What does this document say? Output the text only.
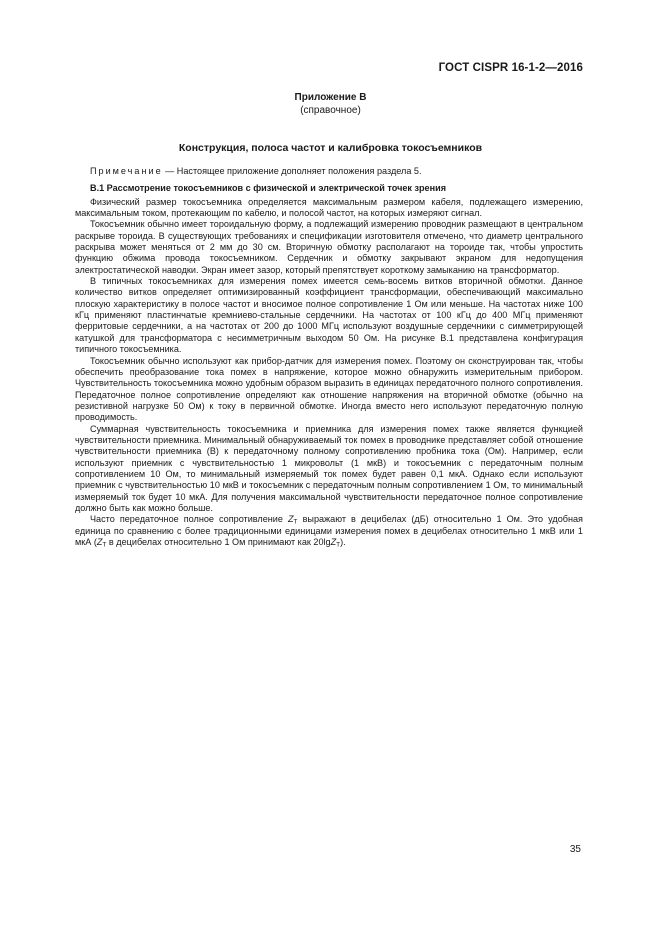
ГОСТ CISPR 16-1-2—2016
Приложение В
(справочное)
Конструкция, полоса частот и калибровка токосъемников

Примечание — Настоящее приложение дополняет положения раздела 5.

В.1 Рассмотрение токосъемников с физической и электрической точек зрения

Физический размер токосъемника определяется максимальным размером кабеля, подлежащего измерению, максимальным током, протекающим по кабелю, и полосой частот, на которых измеряют сигнал.

Токосъемник обычно имеет тороидальную форму, а подлежащий измерению проводник размещают в центральном раскрыве тороида. В существующих требованиях и спецификации изготовителя отмечено, что диаметр центрального раскрыва может меняться от 2 мм до 30 см. Вторичную обмотку располагают на тороиде так, чтобы упростить функцию обжима провода токосъемником. Сердечник и обмотку закрывают экраном для недопущения электростатической наводки. Экран имеет зазор, который препятствует короткому замыканию на трансформатор.

В типичных токосъемниках для измерения помех имеется семь-восемь витков вторичной обмотки. Данное количество витков определяет оптимизированный коэффициент трансформации, обеспечивающий максимально плоскую характеристику в полосе частот и вносимое полное сопротивление 1 Ом или меньше. На частотах ниже 100 кГц применяют пластинчатые кремниево-стальные сердечники. На частотах от 100 кГц до 400 МГц применяют ферритовые сердечники, а на частотах от 200 до 1000 МГц используют воздушные сердечники с симметрирующей катушкой для трансформатора с несимметричным выходом 50 Ом. На рисунке В.1 представлена конфигурация типичного токосъемника.

Токосъемник обычно используют как прибор-датчик для измерения помех. Поэтому он сконструирован так, чтобы обеспечить преобразование тока помех в напряжение, которое можно обнаружить измерительным прибором. Чувствительность токосъемника можно удобным образом выразить в единицах передаточного полного сопротивления. Передаточное полное сопротивление определяют как отношение напряжения на вторичной обмотке (обычно на резистивной нагрузке 50 Ом) к току в первичной обмотке. Иногда вместо него используют передаточную полную проводимость.

Суммарная чувствительность токосъемника и приемника для измерения помех также является функцией чувствительности приемника. Минимальный обнаруживаемый ток помех в проводнике представляет собой отношение чувствительности приемника (В) к передаточному полному сопротивлению пробника тока (Ом). Например, если используют приемник с чувствительностью 1 микровольт (1 мкВ) и токосъемник с передаточным полным сопротивлением 10 Ом, то минимальный измеряемый ток помех будет равен 0,1 мкА. Однако если используют приемник с чувствительностью 10 мкВ и токосъемник с передаточным полным сопротивлением 1 Ом, то минимальный измеряемый ток будет 10 мкА. Для получения максимальной чувствительности передаточное полное сопротивление должно быть как можно больше.

Часто передаточное полное сопротивление $Z_T$ выражают в децибелах (дБ) относительно 1 Ом. Это удобная единица по сравнению с более традиционными единицами измерения помех в децибелах относительно 1 мкВ или 1 мкА ($Z_T$ в децибелах относительно 1 Ом принимают как 20lgZ$_T$).

35
